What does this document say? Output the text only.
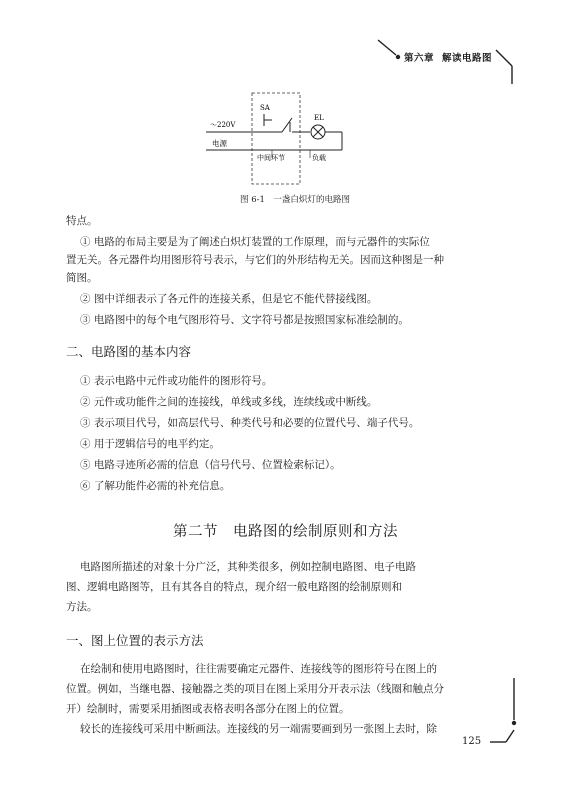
第六章 解读电路图
～220V
电源
SA
EL
中间环节	负载
图 6-1　一盏白炽灯的电路图
特点。
① 电路的布局主要是为了阐述白炽灯装置的工作原理，而与元器件的实际位
置无关。各元器件均用图形符号表示，与它们的外形结构无关。因而这种图是一种
简图。
② 图中详细表示了各元件的连接关系，但是它不能代替接线图。
③ 电路图中的每个电气图形符号、文字符号都是按照国家标准绘制的。
二、电路图的基本内容
① 表示电路中元件或功能件的图形符号。
② 元件或功能件之间的连接线，单线或多线，连续线或中断线。
③ 表示项目代号，如高层代号、种类代号和必要的位置代号、端子代号。
④ 用于逻辑信号的电平约定。
⑤ 电路寻迹所必需的信息（信号代号、位置检索标记）。
⑥ 了解功能件必需的补充信息。
第二节　电路图的绘制原则和方法
电路图所描述的对象十分广泛，其种类很多，例如控制电路图、电子电路
图、逻辑电路图等，且有其各自的特点，现介绍一般电路图的绘制原则和
方法。
一、图上位置的表示方法
在绘制和使用电路图时，往往需要确定元器件、连接线等的图形符号在图上的
位置。例如，当继电器、接触器之类的项目在图上采用分开表示法（线圈和触点分
开）绘制时，需要采用插图或表格表明各部分在图上的位置。
较长的连接线可采用中断画法。连接线的另一端需要画到另一张图上去时，除
125
